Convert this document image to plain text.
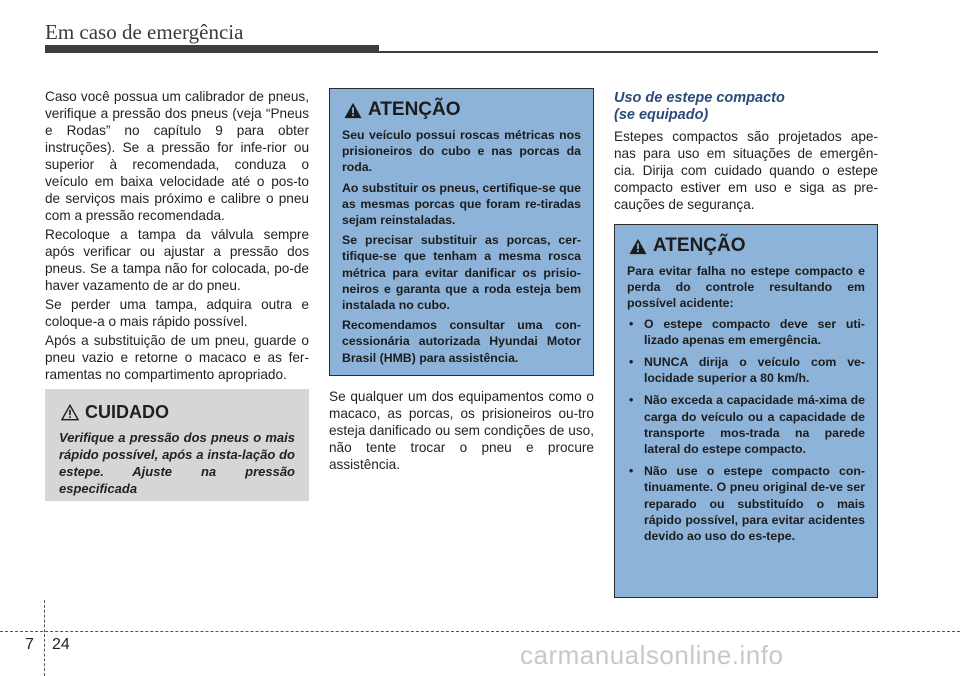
Em caso de emergência

Caso você possua um calibrador de pneus, verifique a pressão dos pneus (veja “Pneus e Rodas” no capítulo 9 para obter instruções). Se a pressão for infe-rior ou superior à recomendada, conduza o veículo em baixa velocidade até o pos-to de serviços mais próximo e calibre o pneu com a pressão recomendada.

Recoloque a tampa da válvula sempre após verificar ou ajustar a pressão dos pneus. Se a tampa não for colocada, po-de haver vazamento de ar do pneu.

Se perder uma tampa, adquira outra e coloque-a o mais rápido possível.

Após a substituição de um pneu, guarde o pneu vazio e retorne o macaco e as fer-ramentas no compartimento apropriado.

CUIDADO

Verifique a pressão dos pneus o mais rápido possível, após a insta-lação do estepe. Ajuste na pressão especificada

ATENÇÃO

Seu veículo possui roscas métricas nos prisioneiros do cubo e nas porcas da roda.

Ao substituir os pneus, certifique-se que as mesmas porcas que foram re-tiradas sejam reinstaladas.

Se precisar substituir as porcas, cer-tifique-se que tenham a mesma rosca métrica para evitar danificar os prisio-neiros e garanta que a roda esteja bem instalada no cubo.

Recomendamos consultar uma con-cessionária autorizada Hyundai Motor Brasil (HMB) para assistência.

Se qualquer um dos equipamentos como o macaco, as porcas, os prisioneiros ou-tro esteja danificado ou sem condições de uso, não tente trocar o pneu e procure assistência.

Uso de estepe compacto
(se equipado)

Estepes compactos são projetados ape-nas para uso em situações de emergên-cia. Dirija com cuidado quando o estepe compacto estiver em uso e siga as pre-cauções de segurança.

ATENÇÃO

Para evitar falha no estepe compacto e perda do controle resultando em possível acidente:

• O estepe compacto deve ser uti-lizado apenas em emergência.
• NUNCA dirija o veículo com ve-locidade superior a 80 km/h.
• Não exceda a capacidade má-xima de carga do veículo ou a capacidade de transporte mos-trada na parede lateral do estepe compacto.
• Não use o estepe compacto con-tinuamente. O pneu original de-ve ser reparado ou substituído o mais rápido possível, para evitar acidentes devido ao uso do es-tepe.
7 24	carmanualsonline.info
